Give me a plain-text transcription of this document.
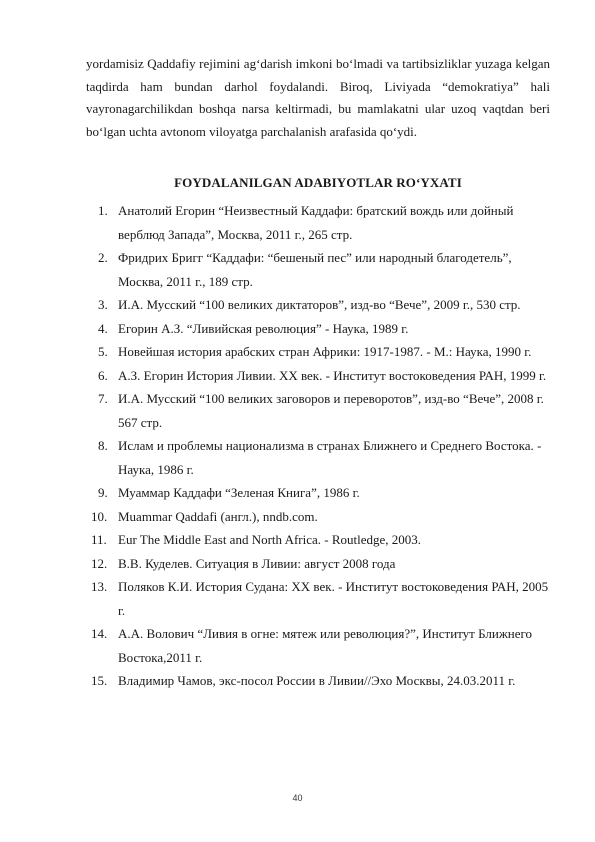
yordamisiz Qaddafiy rejimini ag‘darish imkoni bo‘lmadi va tartibsizliklar yuzaga kelgan taqdirda ham bundan darhol foydalandi. Biroq, Liviyada “demokratiya” hali vayronagarchilikdan boshqa narsa keltirmadi, bu mamlakatni ular uzoq vaqtdan beri bo‘lgan uchta avtonom viloyatga parchalanish arafasida qo‘ydi.

FOYDALANILGAN ADABIYOTLAR RO‘YXATI
1. Анатолий Егорин “Неизвестный Каддафи: братский вождь или дойный верблюд Запада”, Москва, 2011 г., 265 стр.
2. Фридрих Бригг “Каддафи: “бешеный пес” или народный благодетель”, Москва, 2011 г., 189 стр.
3. И.А. Мусский “100 великих диктаторов”, изд-во “Вече”, 2009 г., 530 стр.
4. Егорин А.З. “Ливийская революция” - Наука, 1989 г.
5. Новейшая история арабских стран Африки: 1917-1987. - М.: Наука, 1990 г.
6. А.З. Егорин История Ливии. ХХ век. - Институт востоковедения РАН, 1999 г.
7. И.А. Мусский “100 великих заговоров и переворотов”, изд-во “Вече”, 2008 г. 567 стр.
8. Ислам и проблемы национализма в странах Ближнего и Среднего Востока. - Наука, 1986 г.
9. Муаммар Каддафи “Зеленая Книга”, 1986 г.
10. Muammar Qaddafi (англ.), nndb.com.
11. Eur The Middle East and North Africa. - Routledge, 2003.
12. В.В. Куделев. Ситуация в Ливии: август 2008 года
13. Поляков К.И. История Судана: ХХ век. - Институт востоковедения РАН, 2005 г.
14. А.А. Волович “Ливия в огне: мятеж или революция?”, Институт Ближнего Востока,2011 г.
15. Владимир Чамов, экс-посол России в Ливии//Эхо Москвы, 24.03.2011 г.
40
